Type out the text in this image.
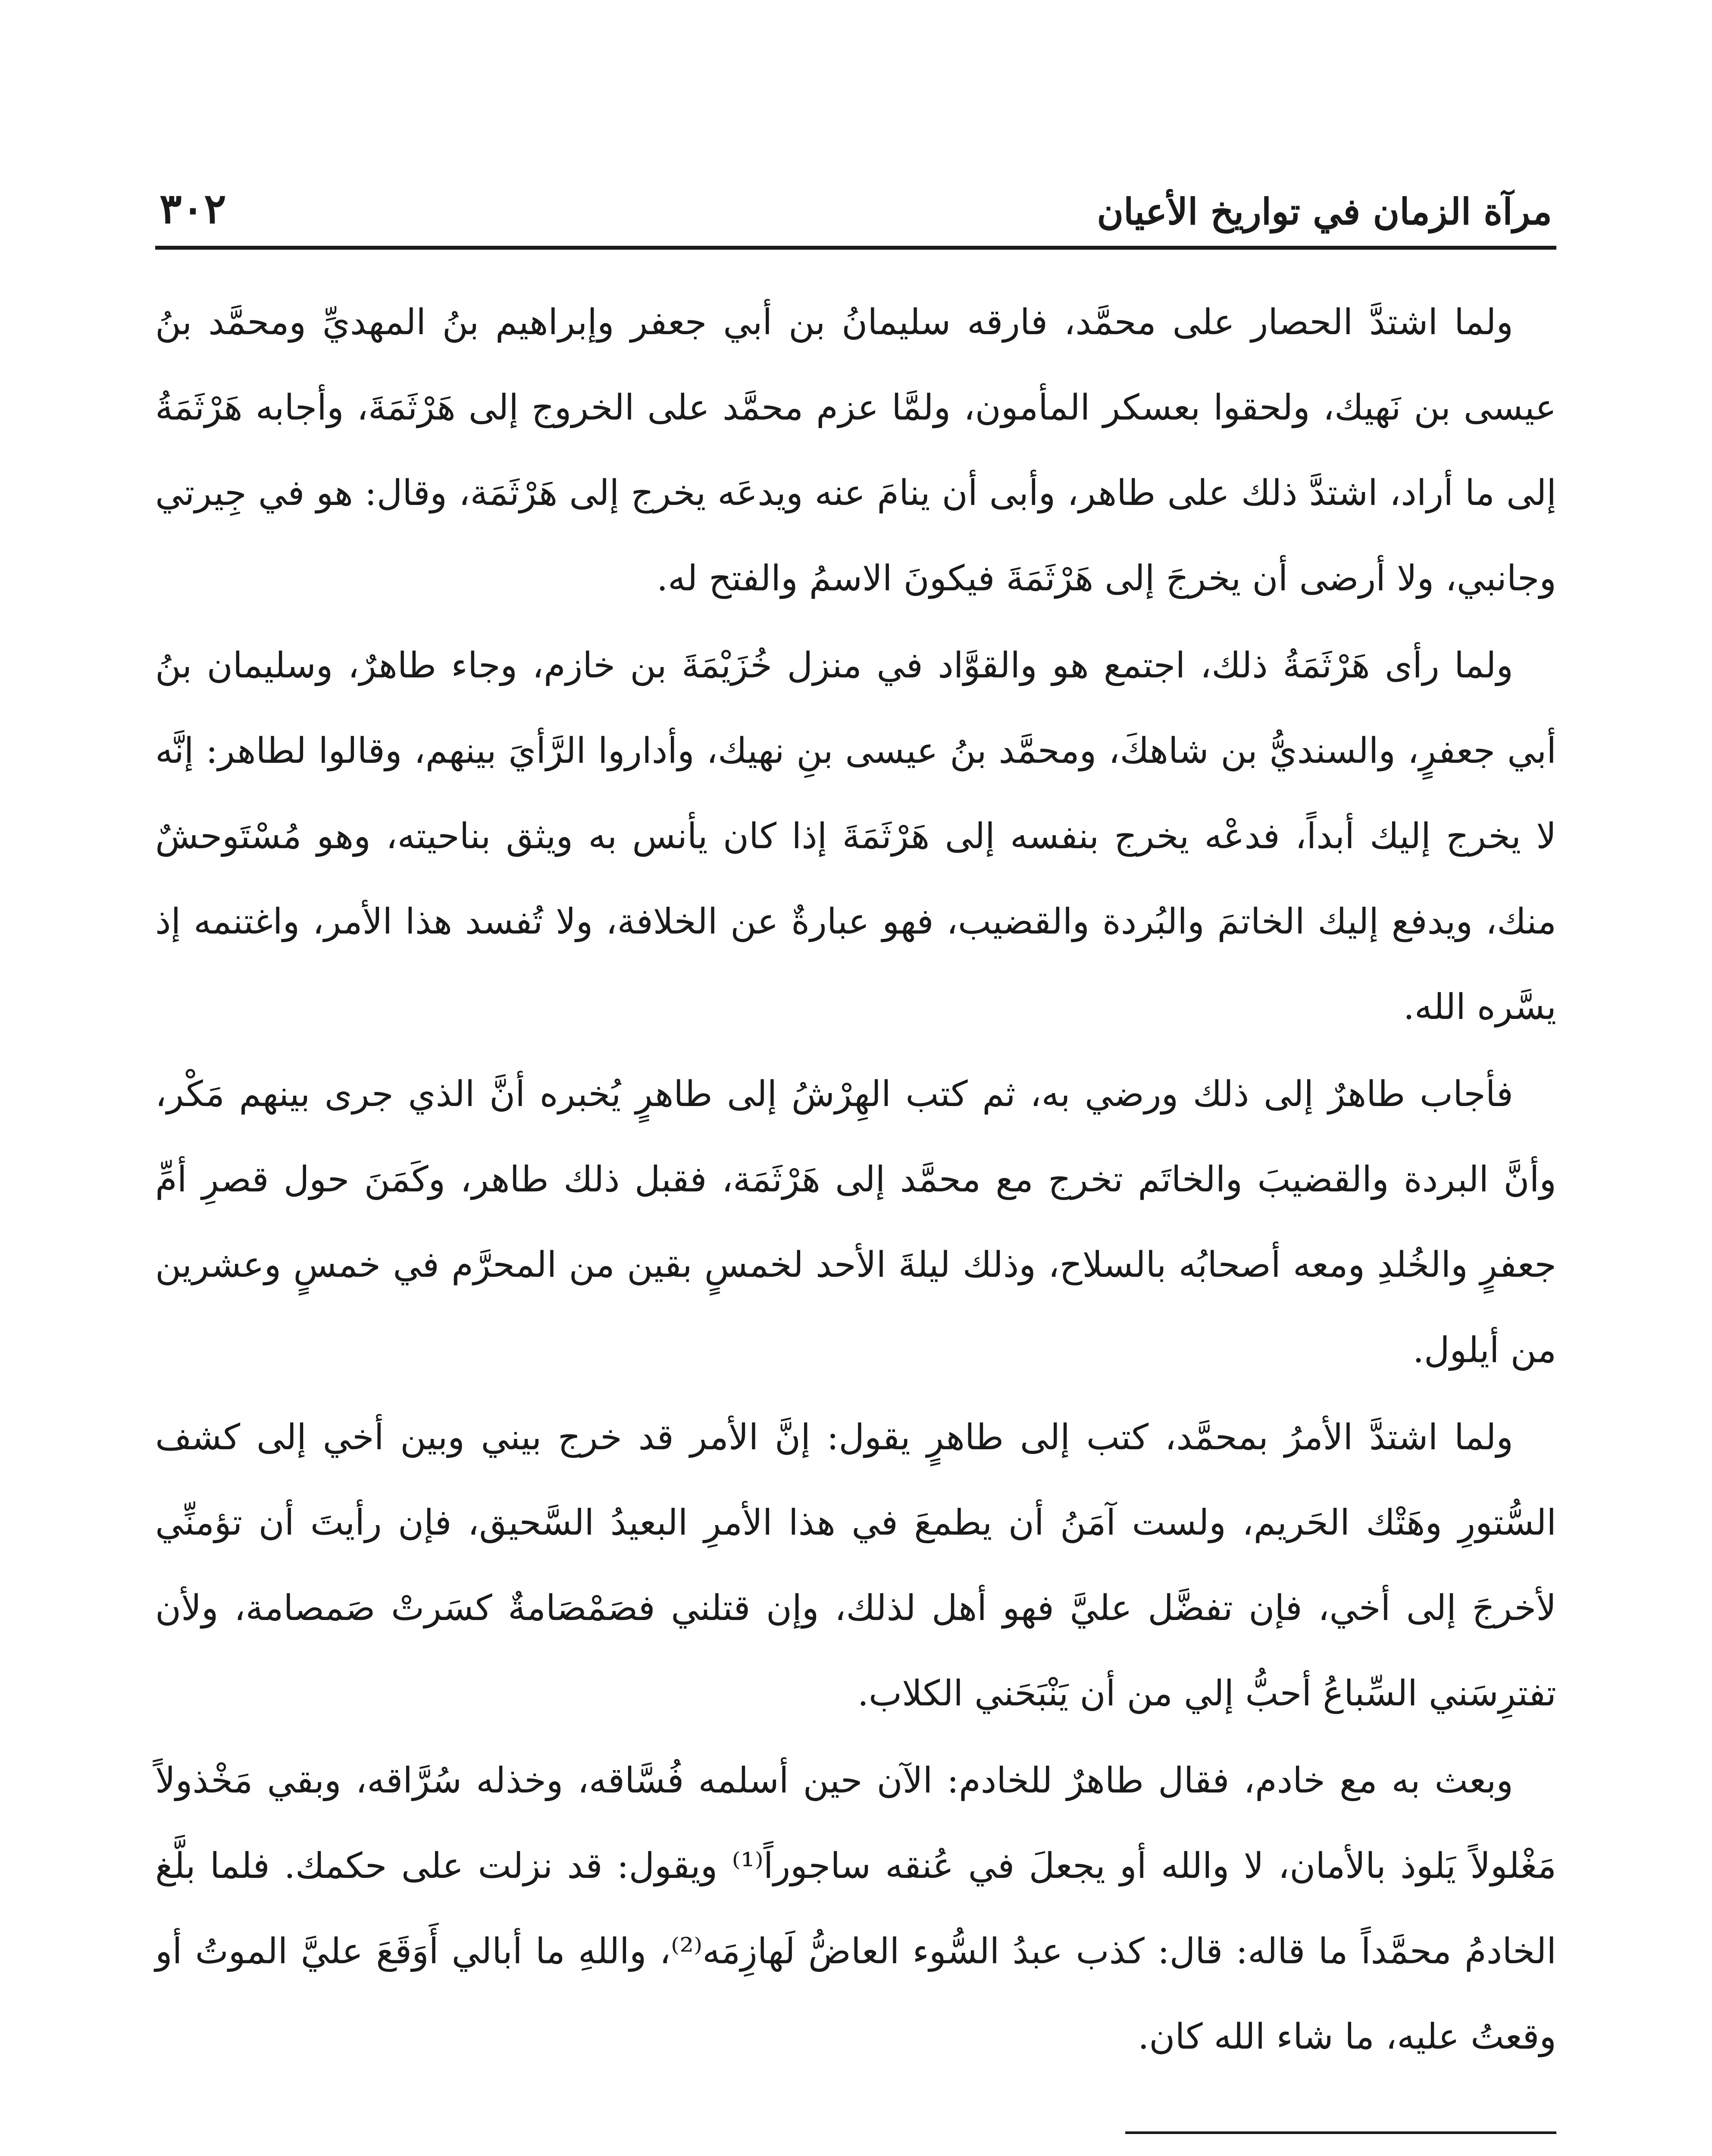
مرآة الزمان في تواريخ الأعيان
٣٠٢

ولما اشتدَّ الحصار على محمَّد، فارقه سليمانُ بن أبي جعفر وإبراهيم بنُ المهديِّ ومحمَّد بنُ عيسى بن نَهيك، ولحقوا بعسكر المأمون، ولمَّا عزم محمَّد على الخروج إلى هَرْثَمَةَ، وأجابه هَرْثَمَةُ إلى ما أراد، اشتدَّ ذلك على طاهر، وأبى أن ينامَ عنه ويدعَه يخرج إلى هَرْثَمَة، وقال: هو في جِيرتي وجانبي، ولا أرضى أن يخرجَ إلى هَرْثَمَةَ فيكونَ الاسمُ والفتح له.

ولما رأى هَرْثَمَةُ ذلك، اجتمع هو والقوَّاد في منزل خُزَيْمَةَ بن خازم، وجاء طاهرٌ، وسليمان بنُ أبي جعفرٍ، والسنديُّ بن شاهكَ، ومحمَّد بنُ عيسى بنِ نهيك، وأداروا الرَّأيَ بينهم، وقالوا لطاهر: إنَّه لا يخرج إليك أبداً، فدعْه يخرج بنفسه إلى هَرْثَمَةَ إذا كان يأنس به ويثق بناحيته، وهو مُسْتَوحشٌ منك، ويدفع إليك الخاتمَ والبُردة والقضيب، فهو عبارةٌ عن الخلافة، ولا تُفسد هذا الأمر، واغتنمه إذ يسَّره الله.

فأجاب طاهرٌ إلى ذلك ورضي به، ثم كتب الهِرْشُ إلى طاهرٍ يُخبره أنَّ الذي جرى بينهم مَكْر، وأنَّ البردة والقضيبَ والخاتَم تخرج مع محمَّد إلى هَرْثَمَة، فقبل ذلك طاهر، وكَمَنَ حول قصرِ أمِّ جعفرٍ والخُلدِ ومعه أصحابُه بالسلاح، وذلك ليلةَ الأحد لخمسٍ بقين من المحرَّم في خمسٍ وعشرين من أيلول.

ولما اشتدَّ الأمرُ بمحمَّد، كتب إلى طاهرٍ يقول: إنَّ الأمر قد خرج بيني وبين أخي إلى كشف السُّتورِ وهَتْك الحَريم، ولست آمَنُ أن يطمعَ في هذا الأمرِ البعيدُ السَّحيق، فإن رأيتَ أن تؤمنِّي لأخرجَ إلى أخي، فإن تفضَّل عليَّ فهو أهل لذلك، وإن قتلني فصَمْصَامةٌ كسَرتْ صَمصامة، ولأن تفترِسَني السِّباعُ أحبُّ إلي من أن يَنْبَحَني الكلاب.

وبعث به مع خادم، فقال طاهرٌ للخادم: الآن حين أسلمه فُسَّاقه، وخذله سُرَّاقه، وبقي مَخْذولاً مَغْلولاً يَلوذ بالأمان، لا والله أو يجعلَ في عُنقه ساجوراً⁽¹⁾ ويقول: قد نزلت على حكمك. فلما بلَّغ الخادمُ محمَّداً ما قاله: قال: كذب عبدُ السُّوء العاضُّ لَهازِمَه⁽²⁾، واللهِ ما أبالي أَوَقَعَ عليَّ الموتُ أو وقعتُ عليه، ما شاء الله كان.
